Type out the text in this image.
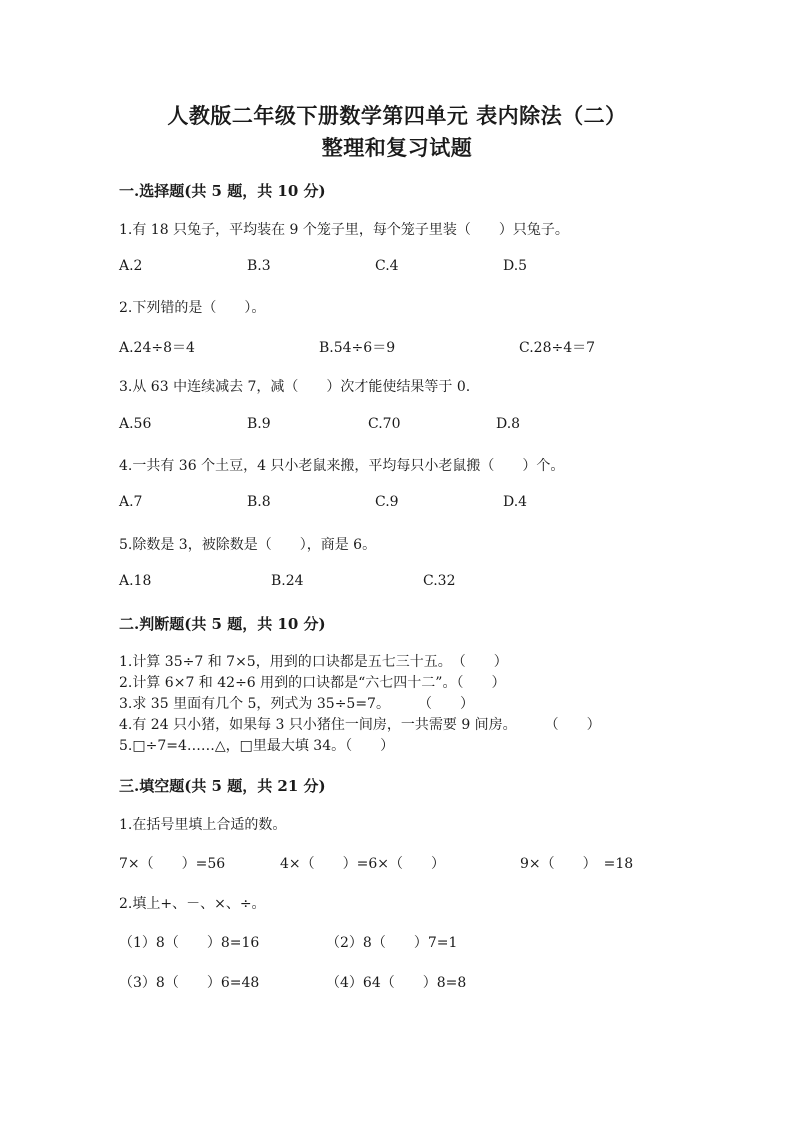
人教版二年级下册数学第四单元 表内除法（二）
整理和复习试题
一.选择题(共 5 题，共 10 分)
1.有 18 只兔子，平均装在 9 个笼子里，每个笼子里装（　　）只兔子。
A.2	B.3	C.4	D.5
2.下列错的是（　　）。
A.24÷8＝4	B.54÷6＝9	C.28÷4＝7
3.从 63 中连续减去 7，减（　　）次才能使结果等于 0.
A.56	B.9	C.70	D.8
4.一共有 36 个土豆，4 只小老鼠来搬，平均每只小老鼠搬（　　）个。
A.7	B.8	C.9	D.4
5.除数是 3，被除数是（　　），商是 6。
A.18	B.24	C.32
二.判断题(共 5 题，共 10 分)
1.计算 35÷7 和 7×5，用到的口诀都是五七三十五。　（　　）
2.计算 6×7 和 42÷6 用到的口诀都是“六七四十二”。（　　）
3.求 35 里面有几个 5，列式为 35÷5=7。　　　（　　）
4.有 24 只小猪，如果每 3 只小猪住一间房，一共需要 9 间房。　　　（　　）
5.□÷7=4……△，□里最大填 34。（　　）
三.填空题(共 5 题，共 21 分)
1.在括号里填上合适的数。
7×（　　）=56	4×（　　）=6×（　　）	9×（　　）　=18
2.填上+、－、×、÷。
（1）8（　　）8=16	（2）8（　　）7=1
（3）8（　　）6=48	（4）64（　　）8=8
